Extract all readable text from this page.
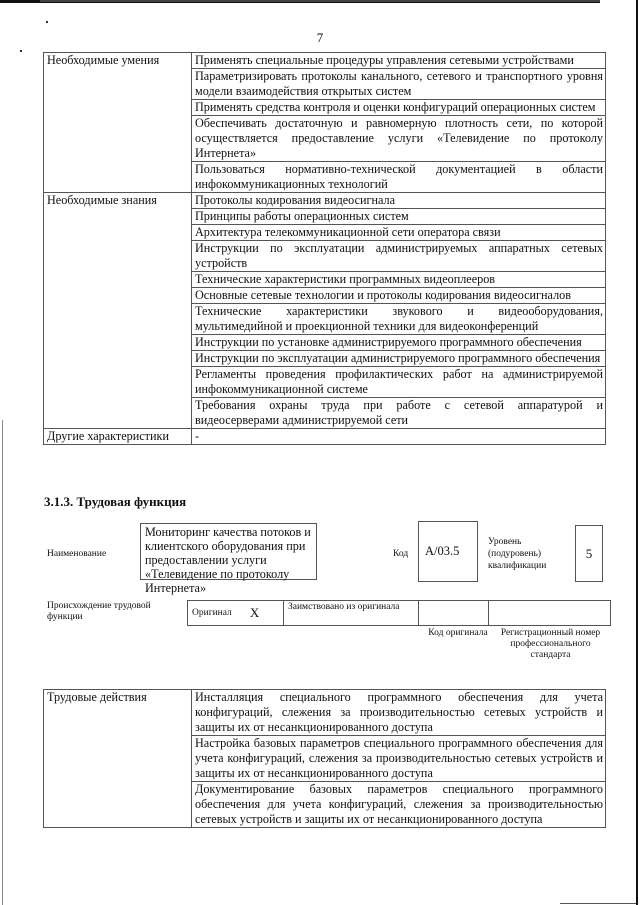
7
Необходимые умения	Применять специальные процедуры управления сетевыми устройствами
	Параметризировать протоколы канального, сетевого и транспортного уровня модели взаимодействия открытых систем
	Применять средства контроля и оценки конфигураций операционных систем
	Обеспечивать достаточную и равномерную плотность сети, по которой осуществляется предоставление услуги «Телевидение по протоколу Интернета»
	Пользоваться нормативно-технической документацией в области инфокоммуникационных технологий
Необходимые знания	Протоколы кодирования видеосигнала
	Принципы работы операционных систем
	Архитектура телекоммуникационной сети оператора связи
	Инструкции по эксплуатации администрируемых аппаратных сетевых устройств
	Технические характеристики программных видеоплееров
	Основные сетевые технологии и протоколы кодирования видеосигналов
	Технические характеристики звукового и видеооборудования, мультимедийной и проекционной техники для видеоконференций
	Инструкции по установке администрируемого программного обеспечения
	Инструкции по эксплуатации администрируемого программного обеспечения
	Регламенты проведения профилактических работ на администрируемой инфокоммуникационной системе
	Требования охраны труда при работе с сетевой аппаратурой и видеосерверами администрируемой сети
Другие характеристики	-
3.1.3. Трудовая функция
Наименование
Мониторинг качества потоков и клиентского оборудования при предоставлении услуги «Телевидение по протоколу Интернета»
Код A/03.5
Уровень (подуровень) квалификации
5
Происхождение трудовой функции	Оригинал X	Заимствовано из оригинала
Код оригинала	Регистрационный номер профессионального стандарта
Трудовые действия	Инсталляция специального программного обеспечения для учета конфигураций, слежения за производительностью сетевых устройств и защиты их от несанкционированного доступа
Настройка базовых параметров специального программного обеспечения для учета конфигураций, слежения за производительностью сетевых устройств и защиты их от несанкционированного доступа
Документирование базовых параметров специального программного обеспечения для учета конфигураций, слежения за производительностью сетевых устройств и защиты их от несанкционированного доступа
